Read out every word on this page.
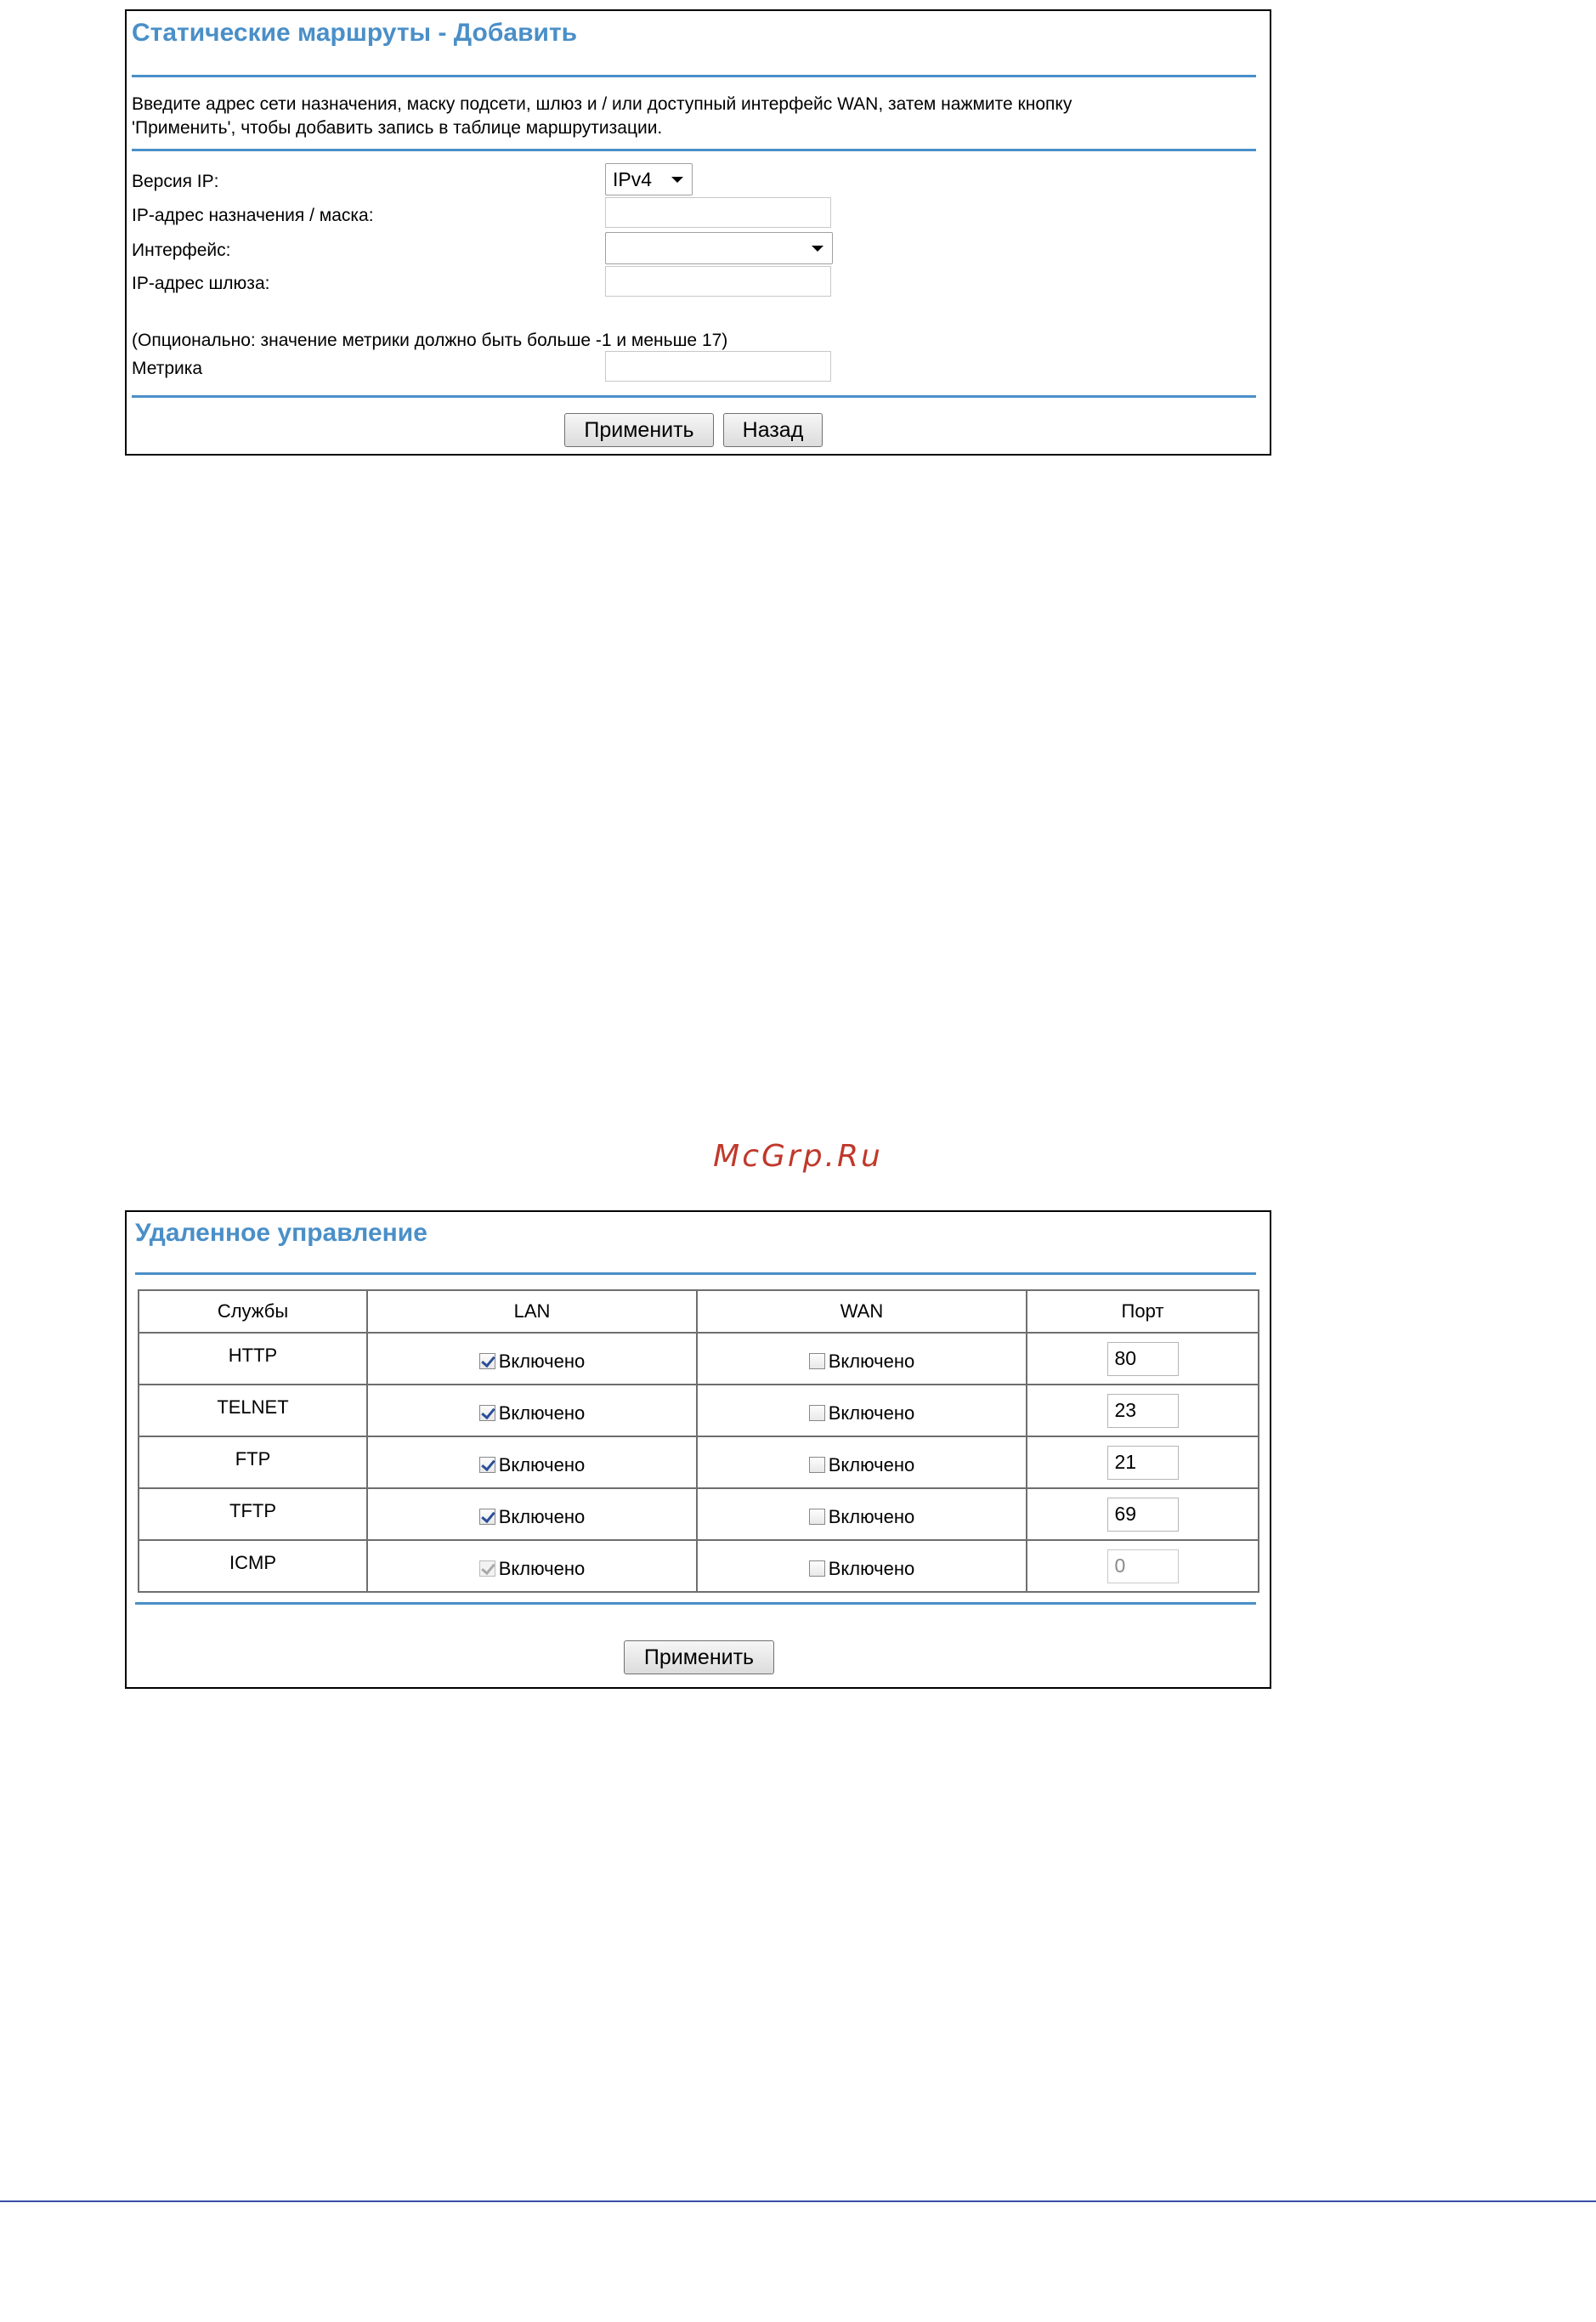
Статические маршруты - Добавить
Введите адрес сети назначения, маску подсети, шлюз и / или доступный интерфейс WAN, затем нажмите кнопку
'Применить', чтобы добавить запись в таблице маршрутизации.
Версия IP:	IPv4
IP-адрес назначения / маска:
Интерфейс:
IP-адрес шлюза:
(Опционально: значение метрики должно быть больше -1 и меньше 17)
Метрика
Применить	Назад
McGrp.Ru
Удаленное управление
Службы	LAN	WAN	Порт
HTTP	Включено	Включено	80
TELNET	Включено	Включено	23
FTP	Включено	Включено	21
TFTP	Включено	Включено	69
ICMP	Включено	Включено	0
Применить
